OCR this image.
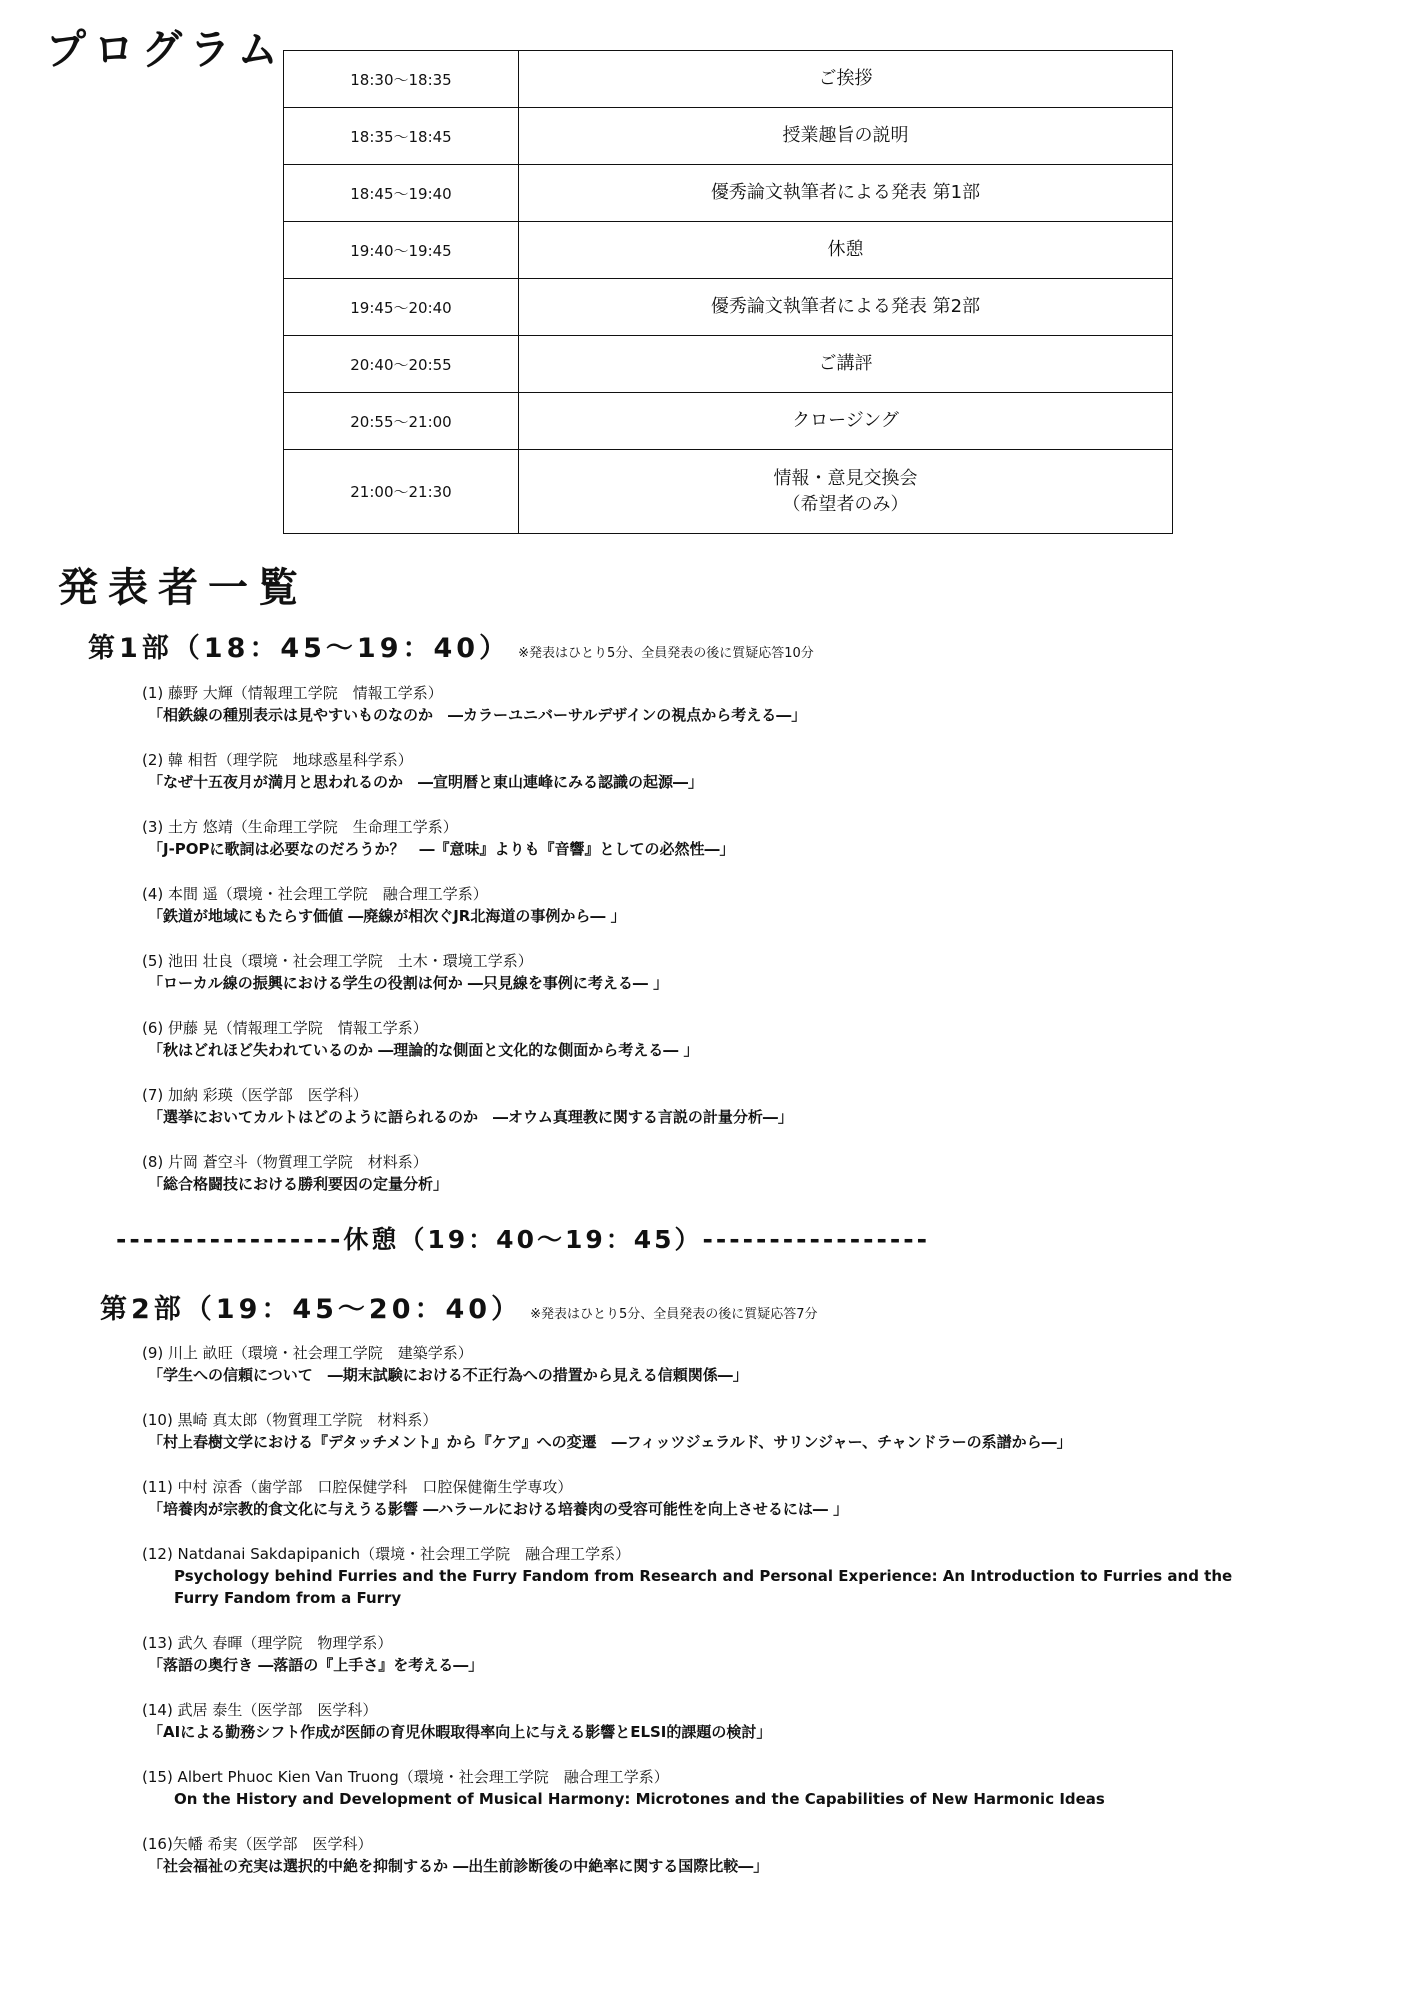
プログラム
18:30〜18:35	ご挨拶
18:35〜18:45	授業趣旨の説明
18:45〜19:40	優秀論文執筆者による発表 第1部
19:40〜19:45	休憩
19:45〜20:40	優秀論文執筆者による発表 第2部
20:40〜20:55	ご講評
20:55〜21:00	クロージング
21:00〜21:30	情報・意見交換会
（希望者のみ）
発表者一覧
第1部（18：45〜19：40） ※発表はひとり5分、全員発表の後に質疑応答10分
(1) 藤野 大輝（情報理工学院　情報工学系）
「相鉄線の種別表示は見やすいものなのか　―カラーユニバーサルデザインの視点から考える―」
(2) 韓 相哲（理学院　地球惑星科学系）
「なぜ十五夜月が満月と思われるのか　―宣明暦と東山連峰にみる認識の起源―」
(3) 土方 悠靖（生命理工学院　生命理工学系）
「J-POPに歌詞は必要なのだろうか？　―『意味』よりも『音響』としての必然性―」
(4) 本間 遥（環境・社会理工学院　融合理工学系）
「鉄道が地域にもたらす価値 ―廃線が相次ぐJR北海道の事例から― 」
(5) 池田 壮良（環境・社会理工学院　土木・環境工学系）
「ローカル線の振興における学生の役割は何か ―只見線を事例に考える― 」
(6) 伊藤 晃（情報理工学院　情報工学系）
「秋はどれほど失われているのか ―理論的な側面と文化的な側面から考える― 」
(7) 加納 彩瑛（医学部　医学科）
「選挙においてカルトはどのように語られるのか　―オウム真理教に関する言説の計量分析―」
(8) 片岡 蒼空斗（物質理工学院　材料系）
「総合格闘技における勝利要因の定量分析」
-----------------休憩（19：40〜19：45）-----------------
第2部（19：45〜20：40） ※発表はひとり5分、全員発表の後に質疑応答7分
(9) 川上 畝旺（環境・社会理工学院　建築学系）
「学生への信頼について　―期末試験における不正行為への措置から見える信頼関係―」
(10) 黒崎 真太郎（物質理工学院　材料系）
「村上春樹文学における『デタッチメント』から『ケア』への変遷　―フィッツジェラルド、サリンジャー、チャンドラーの系譜から―」
(11) 中村 涼香（歯学部　口腔保健学科　口腔保健衛生学専攻）
「培養肉が宗教的食文化に与えうる影響 ―ハラールにおける培養肉の受容可能性を向上させるには― 」
(12) Natdanai Sakdapipanich（環境・社会理工学院　融合理工学系）
Psychology behind Furries and the Furry Fandom from Research and Personal Experience: An Introduction to Furries and the Furry Fandom from a Furry
(13) 武久 春暉（理学院　物理学系）
「落語の奥行き ―落語の『上手さ』を考える―」
(14) 武居 泰生（医学部　医学科）
「AIによる勤務シフト作成が医師の育児休暇取得率向上に与える影響とELSI的課題の検討」
(15) Albert Phuoc Kien Van Truong（環境・社会理工学院　融合理工学系）
On the History and Development of Musical Harmony: Microtones and the Capabilities of New Harmonic Ideas
(16)矢幡 希実（医学部　医学科）
「社会福祉の充実は選択的中絶を抑制するか ―出生前診断後の中絶率に関する国際比較―」
